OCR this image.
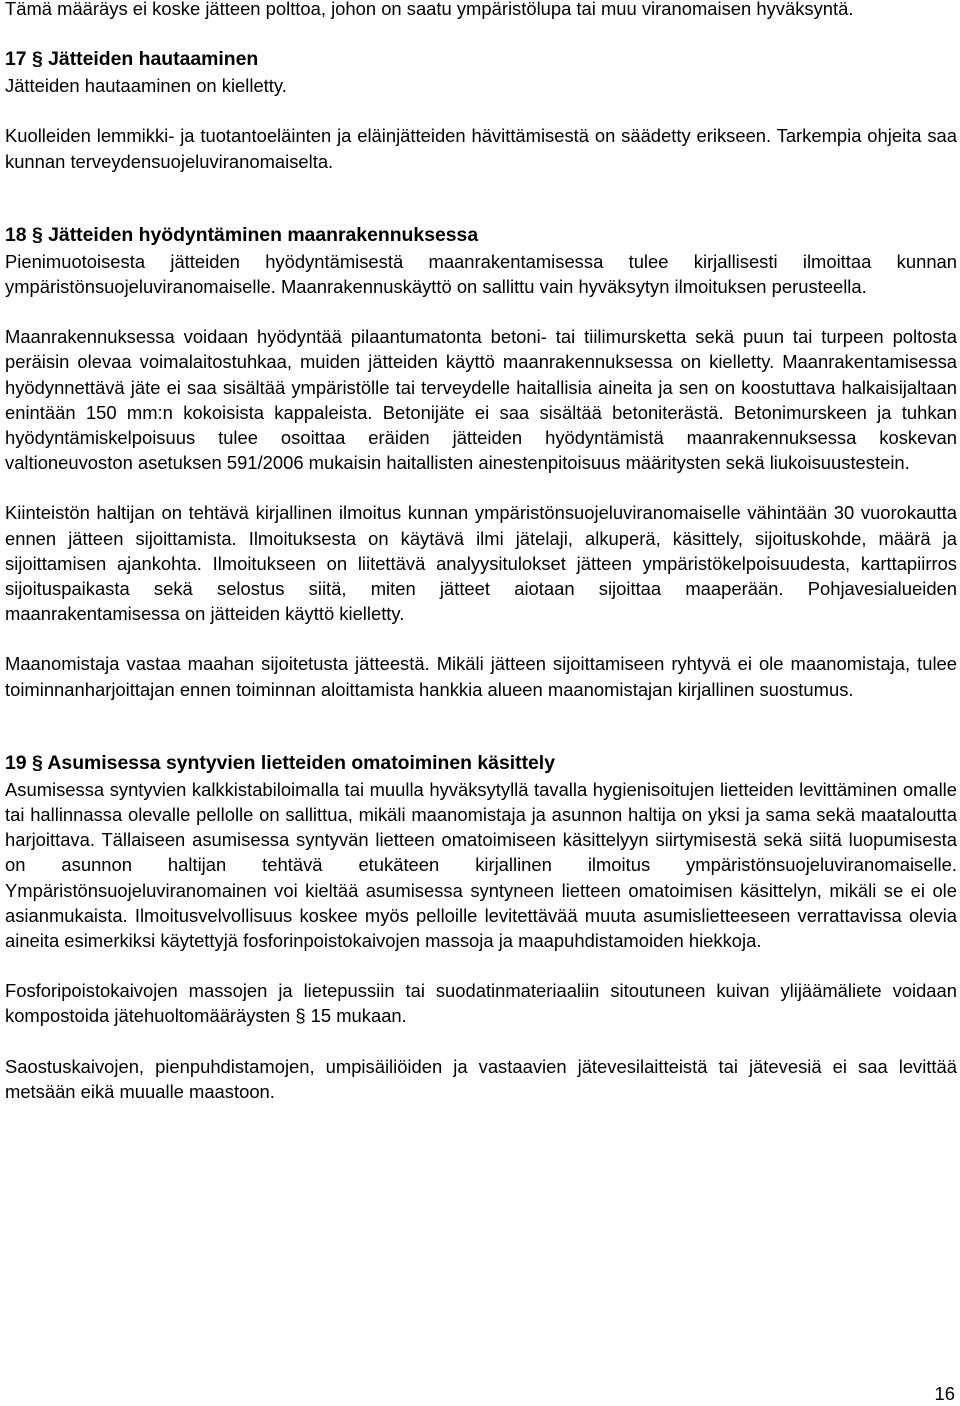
Tämä määräys ei koske jätteen polttoa, johon on saatu ympäristölupa tai muu viranomaisen hyväksyntä.

17 § Jätteiden hautaaminen

Jätteiden hautaaminen on kielletty.

Kuolleiden lemmikki- ja tuotantoeläinten ja eläinjätteiden hävittämisestä on säädetty erikseen. Tarkempia ohjeita saa kunnan terveydensuojeluviranomaiselta.

18 § Jätteiden hyödyntäminen maanrakennuksessa

Pienimuotoisesta jätteiden hyödyntämisestä maanrakentamisessa tulee kirjallisesti ilmoittaa kunnan ympäristönsuojeluviranomaiselle. Maanrakennuskäyttö on sallittu vain hyväksytyn ilmoituksen perusteella.

Maanrakennuksessa voidaan hyödyntää pilaantumatonta betoni- tai tiilimursketta sekä puun tai turpeen poltosta peräisin olevaa voimalaitostuhkaa, muiden jätteiden käyttö maanrakennuksessa on kielletty. Maanrakentamisessa hyödynnettävä jäte ei saa sisältää ympäristölle tai terveydelle haitallisia aineita ja sen on koostuttava halkaisijaltaan enintään 150 mm:n kokoisista kappaleista. Betonijäte ei saa sisältää betoniterästä. Betonimurskeen ja tuhkan hyödyntämiskelpoisuus tulee osoittaa eräiden jätteiden hyödyntämistä maanrakennuksessa koskevan valtioneuvoston asetuksen 591/2006 mukaisin haitallisten ainestenpitoisuus määritysten sekä liukoisuustestein.

Kiinteistön haltijan on tehtävä kirjallinen ilmoitus kunnan ympäristönsuojeluviranomaiselle vähintään 30 vuorokautta ennen jätteen sijoittamista. Ilmoituksesta on käytävä ilmi jätelaji, alkuperä, käsittely, sijoituskohde, määrä ja sijoittamisen ajankohta. Ilmoitukseen on liitettävä analyysitulokset jätteen ympäristökelpoisuudesta, karttapiirros sijoituspaikasta sekä selostus siitä, miten jätteet aiotaan sijoittaa maaperään. Pohjavesialueiden maanrakentamisessa on jätteiden käyttö kielletty.

Maanomistaja vastaa maahan sijoitetusta jätteestä. Mikäli jätteen sijoittamiseen ryhtyvä ei ole maanomistaja, tulee toiminnanharjoittajan ennen toiminnan aloittamista hankkia alueen maanomistajan kirjallinen suostumus.

19 § Asumisessa syntyvien lietteiden omatoiminen käsittely

Asumisessa syntyvien kalkkistabiloimalla tai muulla hyväksytyllä tavalla hygienisoitujen lietteiden levittäminen omalle tai hallinnassa olevalle pellolle on sallittua, mikäli maanomistaja ja asunnon haltija on yksi ja sama sekä maataloutta harjoittava. Tällaiseen asumisessa syntyvän lietteen omatoimiseen käsittelyyn siirtymisestä sekä siitä luopumisesta on asunnon haltijan tehtävä etukäteen kirjallinen ilmoitus ympäristönsuojeluviranomaiselle. Ympäristönsuojeluviranomainen voi kieltää asumisessa syntyneen lietteen omatoimisen käsittelyn, mikäli se ei ole asianmukaista. Ilmoitusvelvollisuus koskee myös pelloille levitettävää muuta asumislietteeseen verrattavissa olevia aineita esimerkiksi käytettyjä fosforinpoistokaivojen massoja ja maapuhdistamoiden hiekkoja.

Fosforipoistokaivojen massojen ja lietepussiin tai suodatinmateriaaliin sitoutuneen kuivan ylijäämäliete voidaan kompostoida jätehuoltomääräysten § 15 mukaan.

Saostuskaivojen, pienpuhdistamojen, umpisäiliöiden ja vastaavien jätevesilaitteistä tai jätevesiä ei saa levittää metsään eikä muualle maastoon.

16
